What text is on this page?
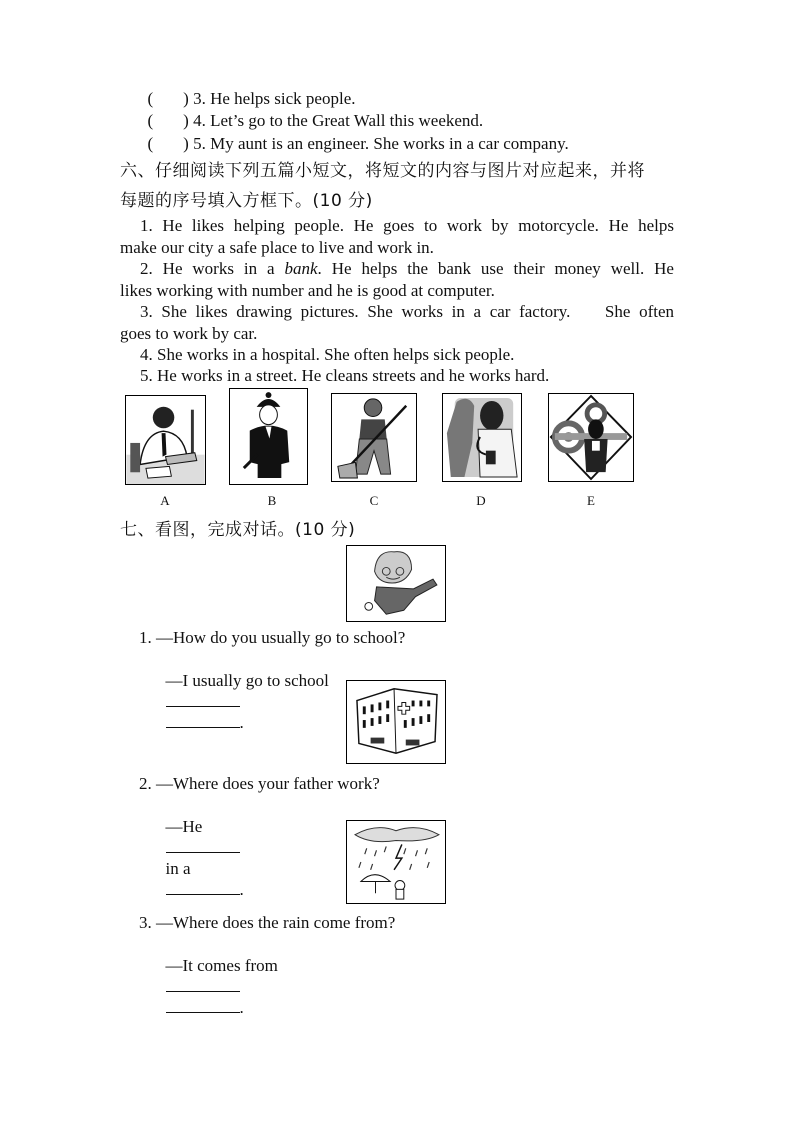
( ) 3. He helps sick people.

( ) 4. Let’s go to the Great Wall this weekend.

( ) 5. My aunt is an engineer. She works in a car company.

六、仔细阅读下列五篇小短文，将短文的内容与图片对应起来，并将
每题的序号填入方框下。(10 分)
1. He likes helping people. He goes to work by motorcycle. He helps
make our city a safe place to live and work in.
2. He works in a bank. He helps the bank use their money well. He
likes working with number and he is good at computer.
3. She likes drawing pictures. She works in a car factory.    She often
goes to work by car.
4. She works in a hospital. She often helps sick people.
5. He works in a street. He cleans streets and he works hard.
A	B	C	D	E
七、看图，完成对话。(10 分)
1. —How do you usually go to school?

—I usually go to school

.

2. —Where does your father work?

—He

in a
.

3. —Where does the rain come from?

—It comes from

.
